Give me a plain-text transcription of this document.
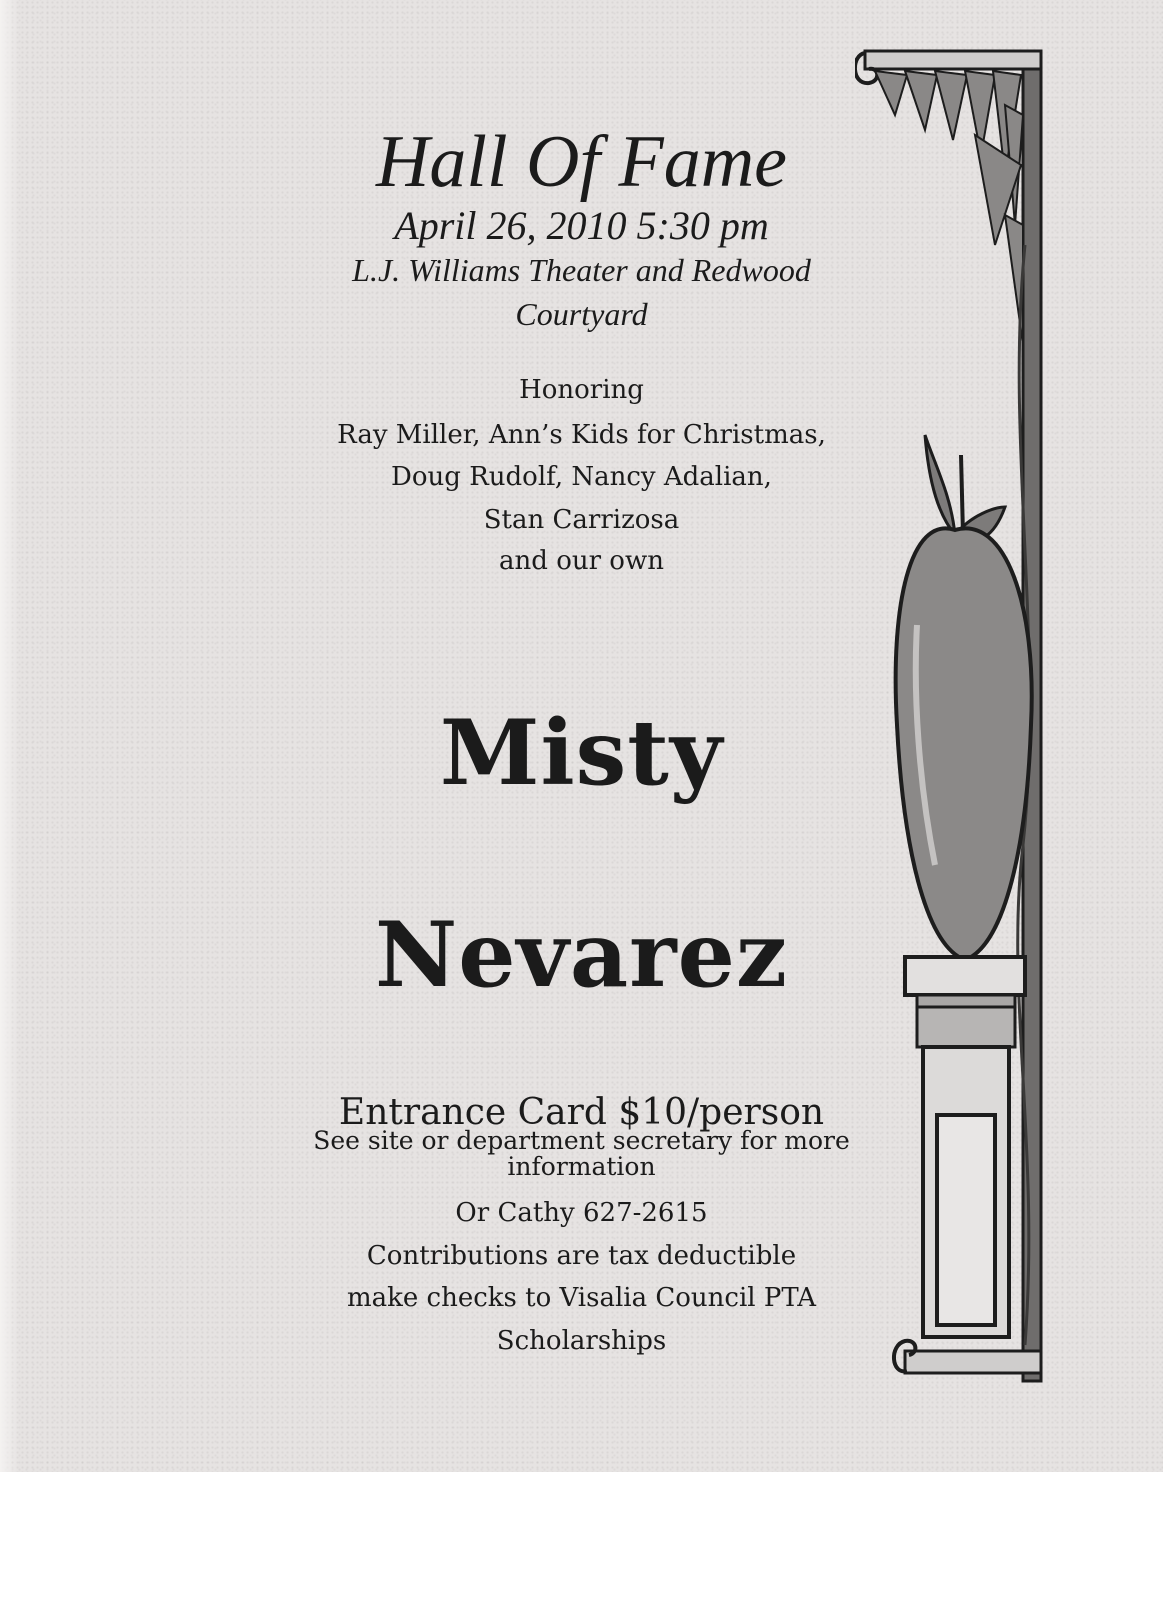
Hall Of Fame
April 26, 2010 5:30 pm
L.J. Williams Theater and Redwood
Courtyard
Honoring
Ray Miller, Ann’s Kids for Christmas,
Doug Rudolf, Nancy Adalian,
Stan Carrizosa
and our own
Misty
Nevarez
Entrance Card $10/person
See site or department secretary for more
information
Or Cathy 627-2615
Contributions are tax deductible
make checks to Visalia Council PTA
Scholarships
